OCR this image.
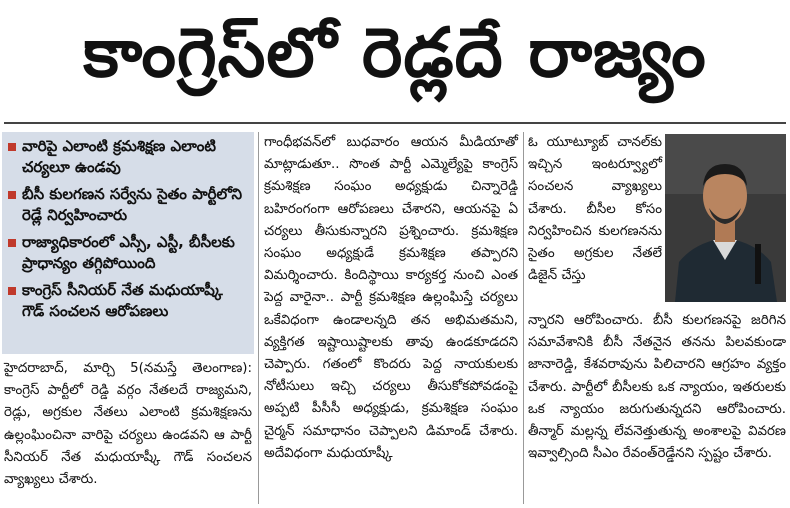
కాంగ్రెస్‌లో రెడ్లదే రాజ్యం
వారిపై ఎలాంటి క్రమశిక్షణ ఎలాంటి చర్యలూ ఉండవు
బీసీ కులగణన సర్వేను సైతం పార్టీలోని రెడ్లే నిర్వహించారు
రాజ్యాధికారంలో ఎస్సీ, ఎస్టీ, బీసీలకు ప్రాధాన్యం తగ్గిపోయింది
కాంగ్రెస్‌ సీనియర్‌ నేత మధుయాష్కీ గౌడ్‌ సంచలన ఆరోపణలు

హైదరాబాద్‌, మార్చి 5(నమస్తే తెలంగాణ): కాంగ్రెస్‌ పార్టీలో రెడ్డి వర్గం నేతలదే రాజ్యమని, రెడ్లు, అగ్రకుల నేతలు ఎలాంటి క్రమశిక్షణను ఉల్లంఘించినా వారిపై చర్యలు ఉండవని ఆ పార్టీ సీనియర్‌ నేత మధుయాష్కీ గౌడ్‌ సంచలన వ్యాఖ్యలు చేశారు.

గాంధీభవన్‌లో బుధవారం ఆయన మీడియాతో మాట్లాడుతూ.. సొంత పార్టీ ఎమ్మెల్యేపై కాంగ్రెస్‌ క్రమశిక్షణ సంఘం అధ్యక్షుడు చిన్నారెడ్డి బహిరంగంగా ఆరోపణలు చేశారని, ఆయనపై ఏ చర్యలు తీసుకున్నారని ప్రశ్నించారు. క్రమశిక్షణ సంఘం అధ్యక్షుడే క్రమశిక్షణ తప్పారని విమర్శించారు. కిందిస్థాయి కార్యకర్త నుంచి ఎంత పెద్ద వారైనా.. పార్టీ క్రమశిక్షణ ఉల్లంఘిస్తే చర్యలు ఒకేవిధంగా ఉండాలన్నది తన అభిమతమని, వ్యక్తిగత ఇష్టాయిష్టాలకు తావు ఉండకూడదని చెప్పారు. గతంలో కొందరు పెద్ద నాయకులకు నోటీసులు ఇచ్చి చర్యలు తీసుకోకపోవడంపై అప్పటి పీసీసీ అధ్యక్షుడు, క్రమశిక్షణ సంఘం చైర్మన్‌ సమాధానం చెప్పాలని డిమాండ్‌ చేశారు. అదేవిధంగా మధుయాష్కీ

ఓ యూట్యూబ్‌ చానల్‌కు ఇచ్చిన ఇంటర్వ్యూలో సంచలన వ్యాఖ్యలు చేశారు. బీసీల కోసం నిర్వహించిన కులగణనను సైతం అగ్రకుల నేతలే డిజైన్‌ చేస్తు

న్నారని ఆరోపించారు. బీసీ కులగణనపై జరిగిన సమావేశానికి బీసీ నేతనైన తనను పిలవకుండా జానారెడ్డి, కేశవరావును పిలిచారని ఆగ్రహం వ్యక్తం చేశారు. పార్టీలో బీసీలకు ఒక న్యాయం, ఇతరులకు ఒక న్యాయం జరుగుతున్నదని ఆరోపించారు. తీన్మార్‌ మల్లన్న లేవనెత్తుతున్న అంశాలపై వివరణ ఇవ్వాల్సింది సీఎం రేవంత్‌రెడ్డేనని స్పష్టం చేశారు.
